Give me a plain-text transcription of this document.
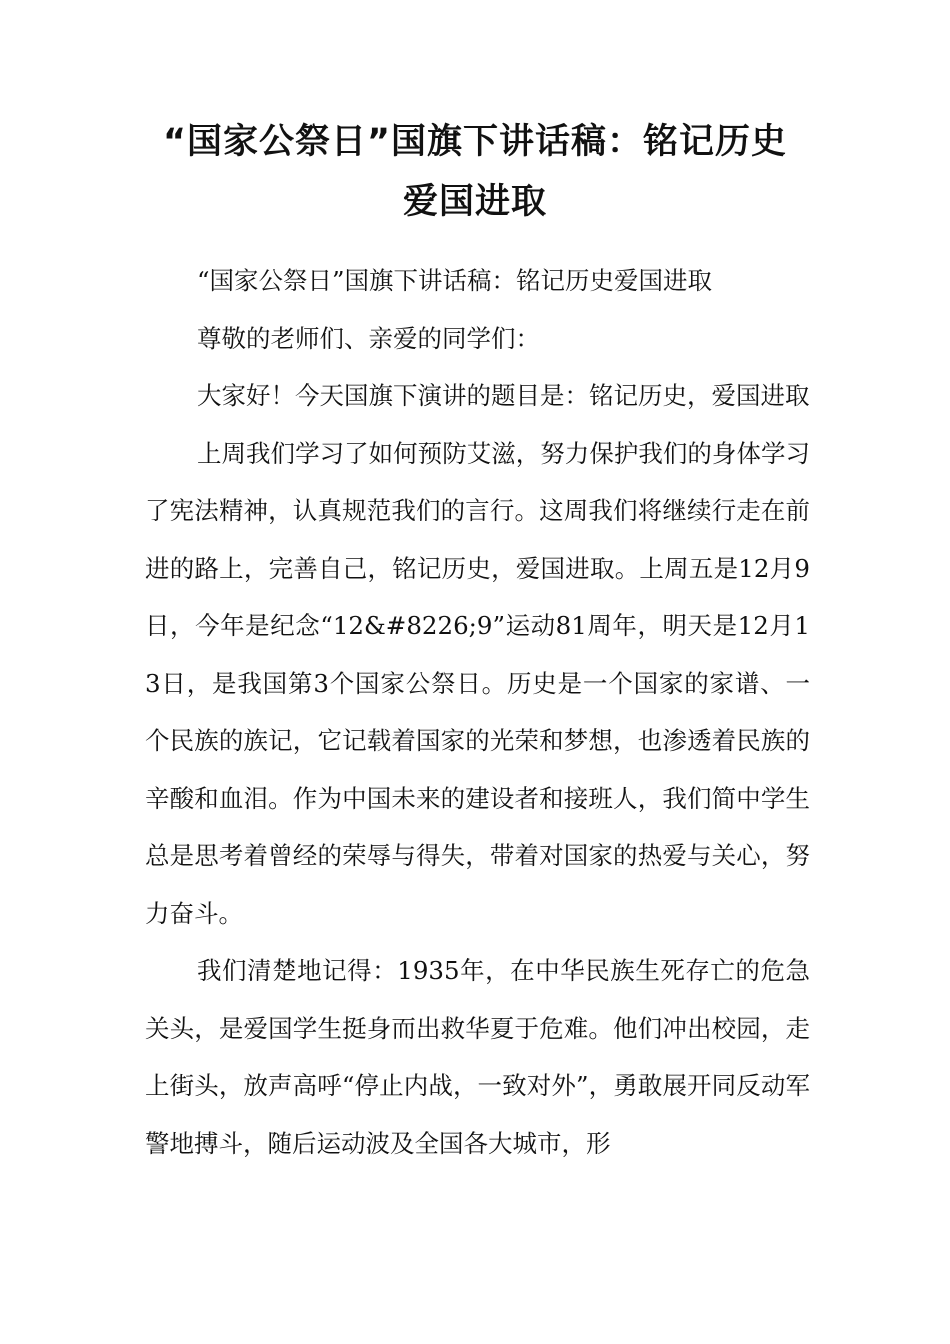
“国家公祭日”国旗下讲话稿：铭记历史 爱国进取

“国家公祭日”国旗下讲话稿：铭记历史爱国进取

尊敬的老师们、亲爱的同学们：

大家好！今天国旗下演讲的题目是：铭记历史，爱国进取

上周我们学习了如何预防艾滋，努力保护我们的身体学习了宪法精神，认真规范我们的言行。这周我们将继续行走在前进的路上，完善自己，铭记历史，爱国进取。上周五是12月9日，今年是纪念“12&#8226;9”运动81周年，明天是12月13日，是我国第3个国家公祭日。历史是一个国家的家谱、一个民族的族记，它记载着国家的光荣和梦想，也渗透着民族的辛酸和血泪。作为中国未来的建设者和接班人，我们简中学生总是思考着曾经的荣辱与得失，带着对国家的热爱与关心，努力奋斗。

我们清楚地记得：1935年，在中华民族生死存亡的危急关头，是爱国学生挺身而出救华夏于危难。他们冲出校园，走上街头，放声高呼“停止内战，一致对外”，勇敢展开同反动军警地搏斗，随后运动波及全国各大城市，形
